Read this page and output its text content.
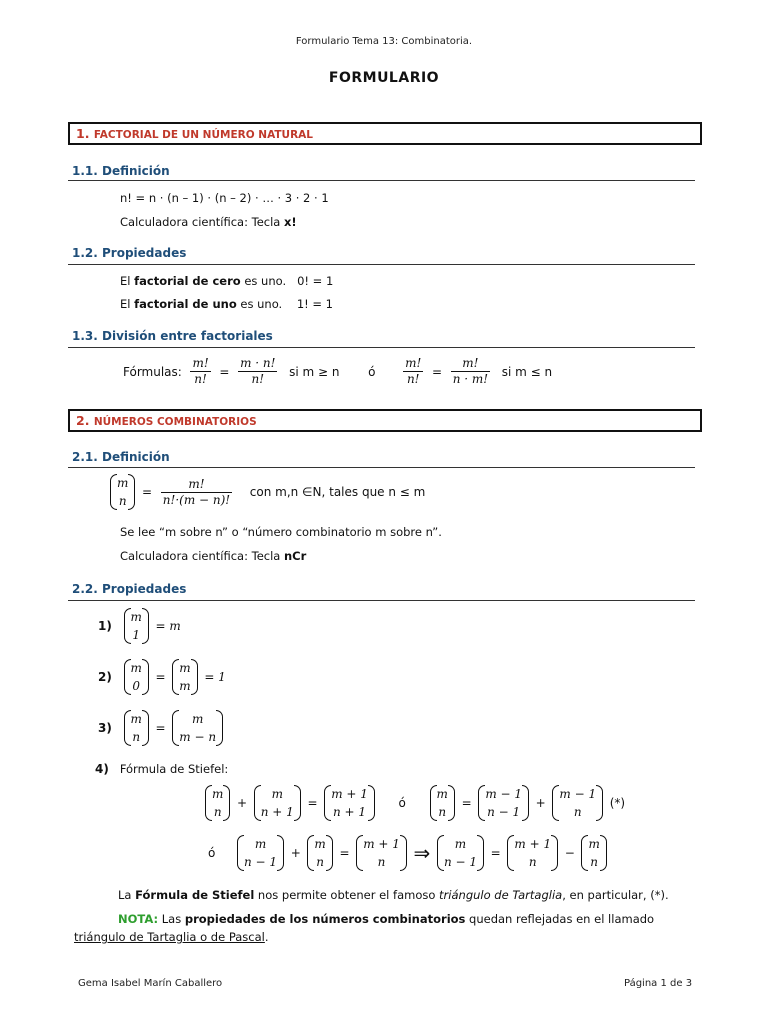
Formulario Tema 13: Combinatoria.
FORMULARIO
1. FACTORIAL DE UN NÚMERO NATURAL
1.1. Definición
n! = n · (n – 1) · (n – 2) · … · 3 · 2 · 1
Calculadora científica: Tecla x!
1.2. Propiedades
El factorial de cero es uno. 0! = 1
El factorial de uno es uno. 1! = 1
1.3. División entre factoriales
Fórmulas: $\frac{m!}{n!} = \frac{m \cdot n!}{n!}$ si m ≥ n ó $\frac{m!}{n!} = \frac{m!}{n \cdot m!}$ si m ≤ n
2. NÚMEROS COMBINATORIOS
2.1. Definición
m
n
= $\frac{m!}{n!\cdot(m - n)!}$ con m,n ∈N, tales que n ≤ m
Se lee “m sobre n” o “número combinatorio m sobre n”.
Calculadora científica: Tecla nCr
2.2. Propiedades
1)
m
1
= m
2)
m
0
=
m
m
= 1
3)
m
n
=
m
m − n
4) Fórmula de Stiefel:
m
n
+
m
n + 1
=
m + 1
n + 1
ó
m
n
=
m − 1
n − 1
+
m − 1
n
(*)
ó
m
n − 1
+
m
n
=
m + 1
n	⇒	m
n − 1
=
m + 1
n
−
m
n
La Fórmula de Stiefel nos permite obtener el famoso triángulo de Tartaglia, en particular, (*).
NOTA: Las propiedades de los números combinatorios quedan reflejadas en el llamado
triángulo de Tartaglia o de Pascal.
Gema Isabel Marín Caballero	Página 1 de 3
